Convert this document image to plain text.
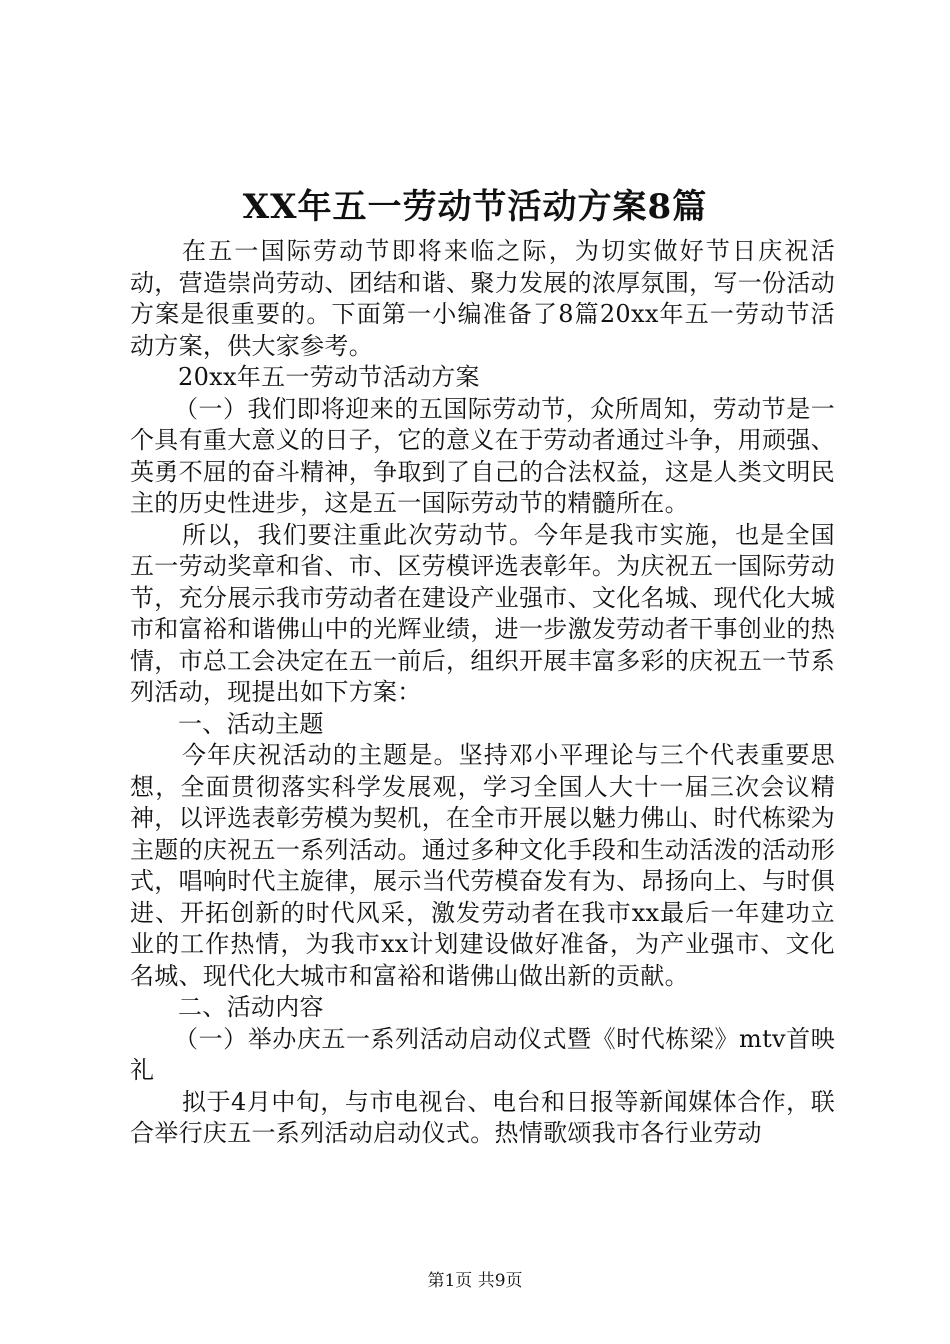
XX年五一劳动节活动方案8篇

在五一国际劳动节即将来临之际，为切实做好节日庆祝活动，营造崇尚劳动、团结和谐、聚力发展的浓厚氛围，写一份活动方案是很重要的。下面第一小编准备了8篇20xx年五一劳动节活动方案，供大家参考。

20xx年五一劳动节活动方案

（一）我们即将迎来的五国际劳动节，众所周知，劳动节是一个具有重大意义的日子，它的意义在于劳动者通过斗争，用顽强、英勇不屈的奋斗精神，争取到了自己的合法权益，这是人类文明民主的历史性进步，这是五一国际劳动节的精髓所在。

所以，我们要注重此次劳动节。今年是我市实施，也是全国五一劳动奖章和省、市、区劳模评选表彰年。为庆祝五一国际劳动节，充分展示我市劳动者在建设产业强市、文化名城、现代化大城市和富裕和谐佛山中的光辉业绩，进一步激发劳动者干事创业的热情，市总工会决定在五一前后，组织开展丰富多彩的庆祝五一节系列活动，现提出如下方案：

一、活动主题

今年庆祝活动的主题是。坚持邓小平理论与三个代表重要思想，全面贯彻落实科学发展观，学习全国人大十一届三次会议精神，以评选表彰劳模为契机，在全市开展以魅力佛山、时代栋梁为主题的庆祝五一系列活动。通过多种文化手段和生动活泼的活动形式，唱响时代主旋律，展示当代劳模奋发有为、昂扬向上、与时俱进、开拓创新的时代风采，激发劳动者在我市xx最后一年建功立业的工作热情，为我市xx计划建设做好准备，为产业强市、文化名城、现代化大城市和富裕和谐佛山做出新的贡献。

二、活动内容

（一）举办庆五一系列活动启动仪式暨《时代栋梁》mtv首映礼

拟于4月中旬，与市电视台、电台和日报等新闻媒体合作，联合举行庆五一系列活动启动仪式。热情歌颂我市各行业劳动

第1页 共9页
